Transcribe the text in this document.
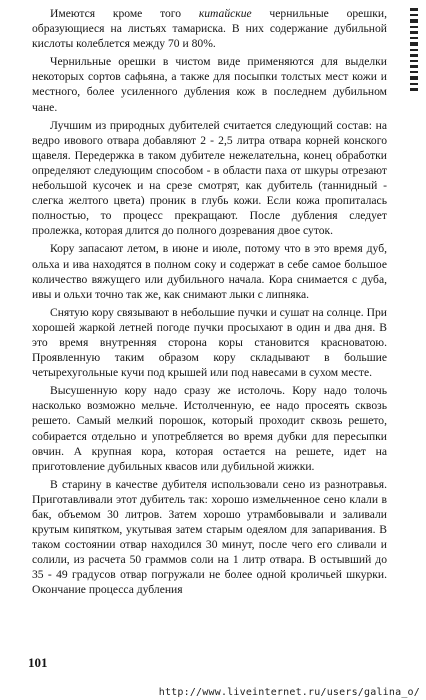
Имеются кроме того китайские чернильные орешки, образующиеся на листьях тамариска. В них содержание дубильной кислоты колеблется между 70 и 80%.

Чернильные орешки в чистом виде применяются для выделки некоторых сортов сафьяна, а также для посыпки толстых мест кожи и местного, более усиленного дубления кож в последнем дубильном чане.

Лучшим из природных дубителей считается следующий состав: на ведро ивового отвара добавляют 2 - 2,5 литра отвара корней конского щавеля. Передержка в таком дубителе нежелательна, конец обработки определяют следующим способом - в области паха от шкуры отрезают небольшой кусочек и на срезе смотрят, как дубитель (таннидный - слегка желтого цвета) проник в глубь кожи. Если кожа пропиталась полностью, то процесс прекращают. После дубления следует пролежка, которая длится до полного дозревания двое суток.

Кору запасают летом, в июне и июле, потому что в это время дуб, ольха и ива находятся в полном соку и содержат в себе самое большое количество вяжущего или дубильного начала. Кора снимается с дуба, ивы и ольхи точно так же, как снимают лыки с липняка.

Снятую кору связывают в небольшие пучки и сушат на солнце. При хорошей жаркой летней погоде пучки просыхают в один и два дня. В это время внутренняя сторона коры становится красноватою. Проявленную таким образом кору складывают в большие четырехугольные кучи под крышей или под навесами в сухом месте.

Высушенную кору надо сразу же истолочь. Кору надо толочь насколько возможно мельче. Истолченную, ее надо просеять сквозь решето. Самый мелкий порошок, который проходит сквозь решето, собирается отдельно и употребляется во время дубки для пересыпки овчин. А крупная кора, которая остается на решете, идет на приготовление дубильных квасов или дубильной жижки.

В старину в качестве дубителя использовали сено из разнотравья. Приготавливали этот дубитель так: хорошо измельченное сено клали в бак, объемом 30 литров. Затем хорошо утрамбовывали и заливали крутым кипятком, укутывая затем старым одеялом для запаривания. В таком состоянии отвар находился 30 минут, после чего его сливали и солили, из расчета 50 граммов соли на 1 литр отвара. В остывший до 35 - 49 градусов отвар погружали не более одной кроличьей шкурки. Окончание процесса дубления

101
http://www.liveinternet.ru/users/galina_o/
